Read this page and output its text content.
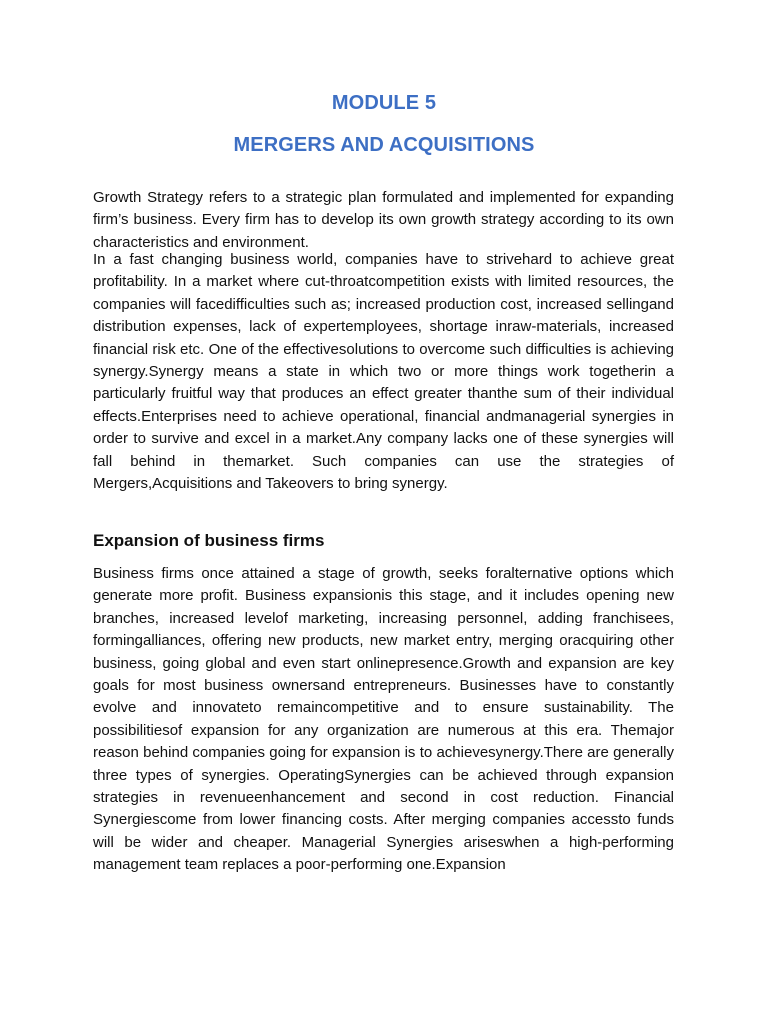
MODULE 5
MERGERS AND ACQUISITIONS

Growth Strategy refers to a strategic plan formulated and implemented for expanding firm’s business. Every firm has to develop its own growth strategy according to its own characteristics and environment.

In a fast changing business world, companies have to strivehard to achieve great profitability. In a market where cut-throatcompetition exists with limited resources, the companies will facedifficulties such as; increased production cost, increased sellingand distribution expenses, lack of expertemployees, shortage inraw-materials, increased financial risk etc. One of the effectivesolutions to overcome such difficulties is achieving synergy.Synergy means a state in which two or more things work togetherin a particularly fruitful way that produces an effect greater thanthe sum of their individual effects.Enterprises need to achieve operational, financial andmanagerial synergies in order to survive and excel in a market.Any company lacks one of these synergies will fall behind in themarket. Such companies can use the strategies of Mergers,Acquisitions and Takeovers to bring synergy.

Expansion of business firms

Business firms once attained a stage of growth, seeks foralternative options which generate more profit. Business expansionis this stage, and it includes opening new branches, increased levelof marketing, increasing personnel, adding franchisees, formingalliances, offering new products, new market entry, merging oracquiring other business, going global and even start onlinepresence.Growth and expansion are key goals for most business ownersand entrepreneurs. Businesses have to constantly evolve and innovateto remaincompetitive and to ensure sustainability. The possibilitiesof expansion for any organization are numerous at this era. Themajor reason behind companies going for expansion is to achievesynergy.There are generally three types of synergies. OperatingSynergies can be achieved through expansion strategies in revenueenhancement and second in cost reduction. Financial Synergiescome from lower financing costs. After merging companies accessto funds will be wider and cheaper. Managerial Synergies ariseswhen a high-performing management team replaces a poor-performing one.Expansion
